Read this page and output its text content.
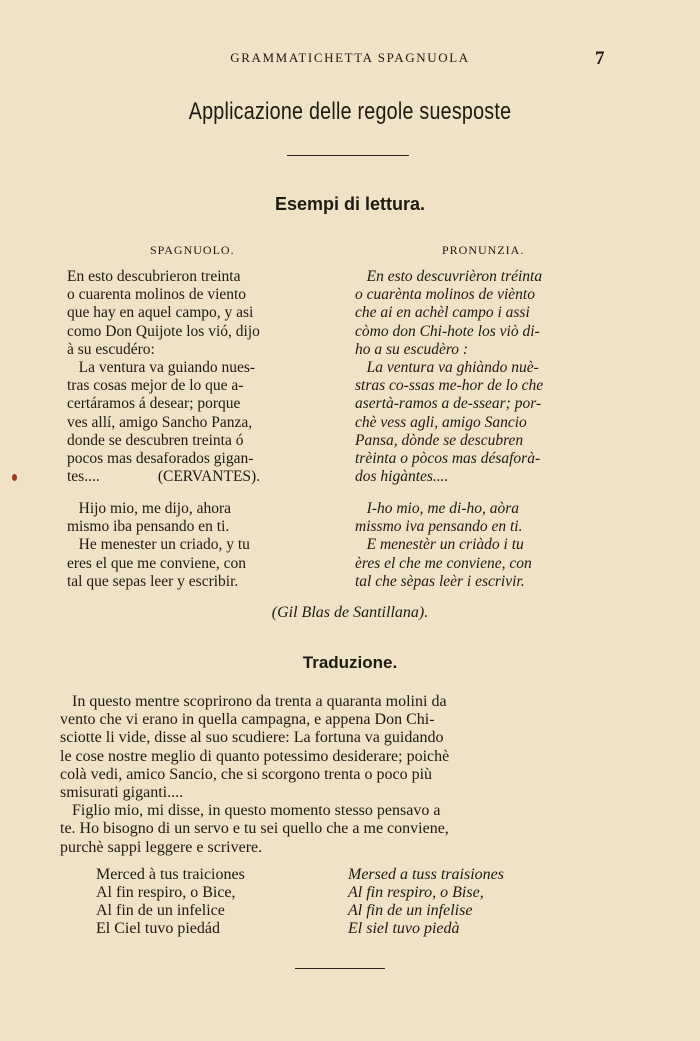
GRAMMATICHETTA SPAGNUOLA	7
Applicazione delle regole suesposte
Esempi di lettura.
SPAGNUOLO.	PRONUNZIA.
En esto descubrieron treinta
o cuarenta molinos de viento
que hay en aquel campo, y asi
como Don Quijote los vió, dijo
à su escudéro:
La ventura va guiando nues-
tras cosas mejor de lo que a-
certáramos á desear; porque
ves allí, amigo Sancho Panza,
donde se descubren treinta ó
pocos mas desaforados gigan-
tes....               (CERVANTES).
En esto descuvrièron tréinta
o cuarènta molinos de viènto
che ai en achèl campo i assi
còmo don Chi-hote los viò di-
ho a su escudèro :
La ventura va ghiàndo nuè-
stras co-ssas me-hor de lo che
asertà-ramos a de-ssear; por-
chè vess agli, amigo Sancio
Pansa, dònde se descubren
trèinta o pòcos mas désaforà-
dos higàntes....
Hijo mio, me dijo, ahora
mismo iba pensando en ti.
He menester un criado, y tu
eres el que me conviene, con
tal que sepas leer y escribir.
I-ho mio, me di-ho, aòra
missmo iva pensando en ti.
E menestèr un criàdo i tu
ères el che me conviene, con
tal che sèpas leèr i escrivir.
(Gil Blas de Santillana).
Traduzione.
In questo mentre scoprirono da trenta a quaranta molini da
vento che vi erano in quella campagna, e appena Don Chi-
sciotte li vide, disse al suo scudiere: La fortuna va guidando
le cose nostre meglio di quanto potessimo desiderare; poichè
colà vedi, amico Sancio, che si scorgono trenta o poco più
smisurati giganti....
Figlio mio, mi disse, in questo momento stesso pensavo a
te. Ho bisogno di un servo e tu sei quello che a me conviene,
purchè sappi leggere e scrivere.
Merced à tus traiciones
Al fin respiro, o Bice,
Al fin de un infelice
El Ciel tuvo piedád
Mersed a tuss traisiones
Al fin respiro, o Bise,
Al fin de un infelise
El siel tuvo piedà
